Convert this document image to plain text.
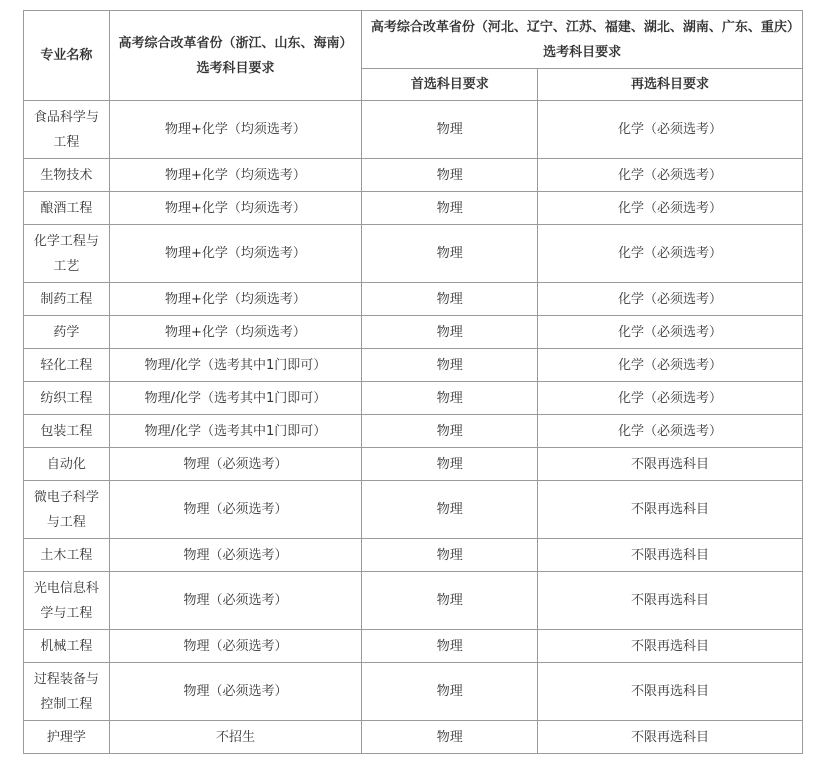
专业名称	高考综合改革省份（浙江、山东、海南）选考科目要求	高考综合改革省份（河北、辽宁、江苏、福建、湖北、湖南、广东、重庆）选考科目要求	
		首选科目要求	再选科目要求
食品科学与工程	物理+化学（均须选考）	物理	化学（必须选考）
生物技术	物理+化学（均须选考）	物理	化学（必须选考）
酿酒工程	物理+化学（均须选考）	物理	化学（必须选考）
化学工程与工艺	物理+化学（均须选考）	物理	化学（必须选考）
制药工程	物理+化学（均须选考）	物理	化学（必须选考）
药学	物理+化学（均须选考）	物理	化学（必须选考）
轻化工程	物理/化学（选考其中1门即可）	物理	化学（必须选考）
纺织工程	物理/化学（选考其中1门即可）	物理	化学（必须选考）
包装工程	物理/化学（选考其中1门即可）	物理	化学（必须选考）
自动化	物理（必须选考）	物理	不限再选科目
微电子科学与工程	物理（必须选考）	物理	不限再选科目
土木工程	物理（必须选考）	物理	不限再选科目
光电信息科学与工程	物理（必须选考）	物理	不限再选科目
机械工程	物理（必须选考）	物理	不限再选科目
过程装备与控制工程	物理（必须选考）	物理	不限再选科目
护理学	不招生	物理	不限再选科目
